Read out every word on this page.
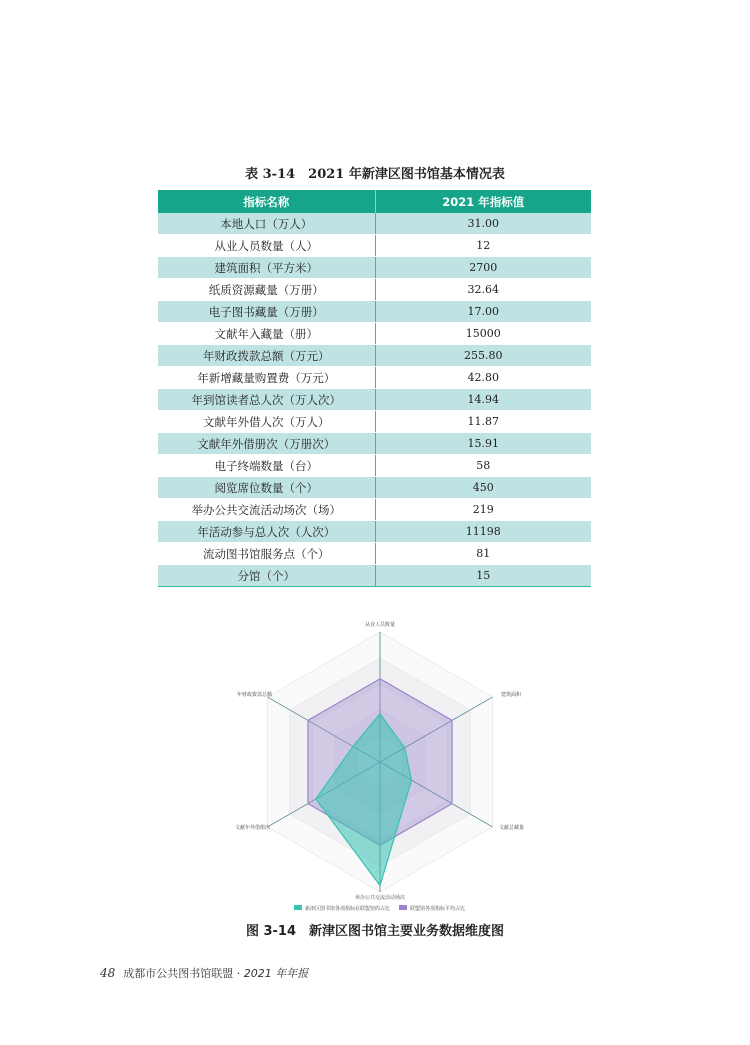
表 3-14　2021 年新津区图书馆基本情况表
指标名称	2021 年指标值
本地人口（万人）	31.00
从业人员数量（人）	12
建筑面积（平方米）	2700
纸质资源藏量（万册）	32.64
电子图书藏量（万册）	17.00
文献年入藏量（册）	15000
年财政拨款总额（万元）	255.80
年新增藏量购置费（万元）	42.80
年到馆读者总人次（万人次）	14.94
文献年外借人次（万人）	11.87
文献年外借册次（万册次）	15.91
电子终端数量（台）	58
阅览席位数量（个）	450
举办公共交流活动场次（场）	219
年活动参与总人次（人次）	11198
流动图书馆服务点（个）	81
分馆（个）	15
从业人员数量
建筑面积
文献总藏量
举办公共交流活动场次
文献年外借册次
年财政拨款总额
新津区图书馆各项指标在联盟馆的占比	联盟馆各项指标平均占比
图 3-14　新津区图书馆主要业务数据维度图
48 成都市公共图书馆联盟 · 2021 年年报
